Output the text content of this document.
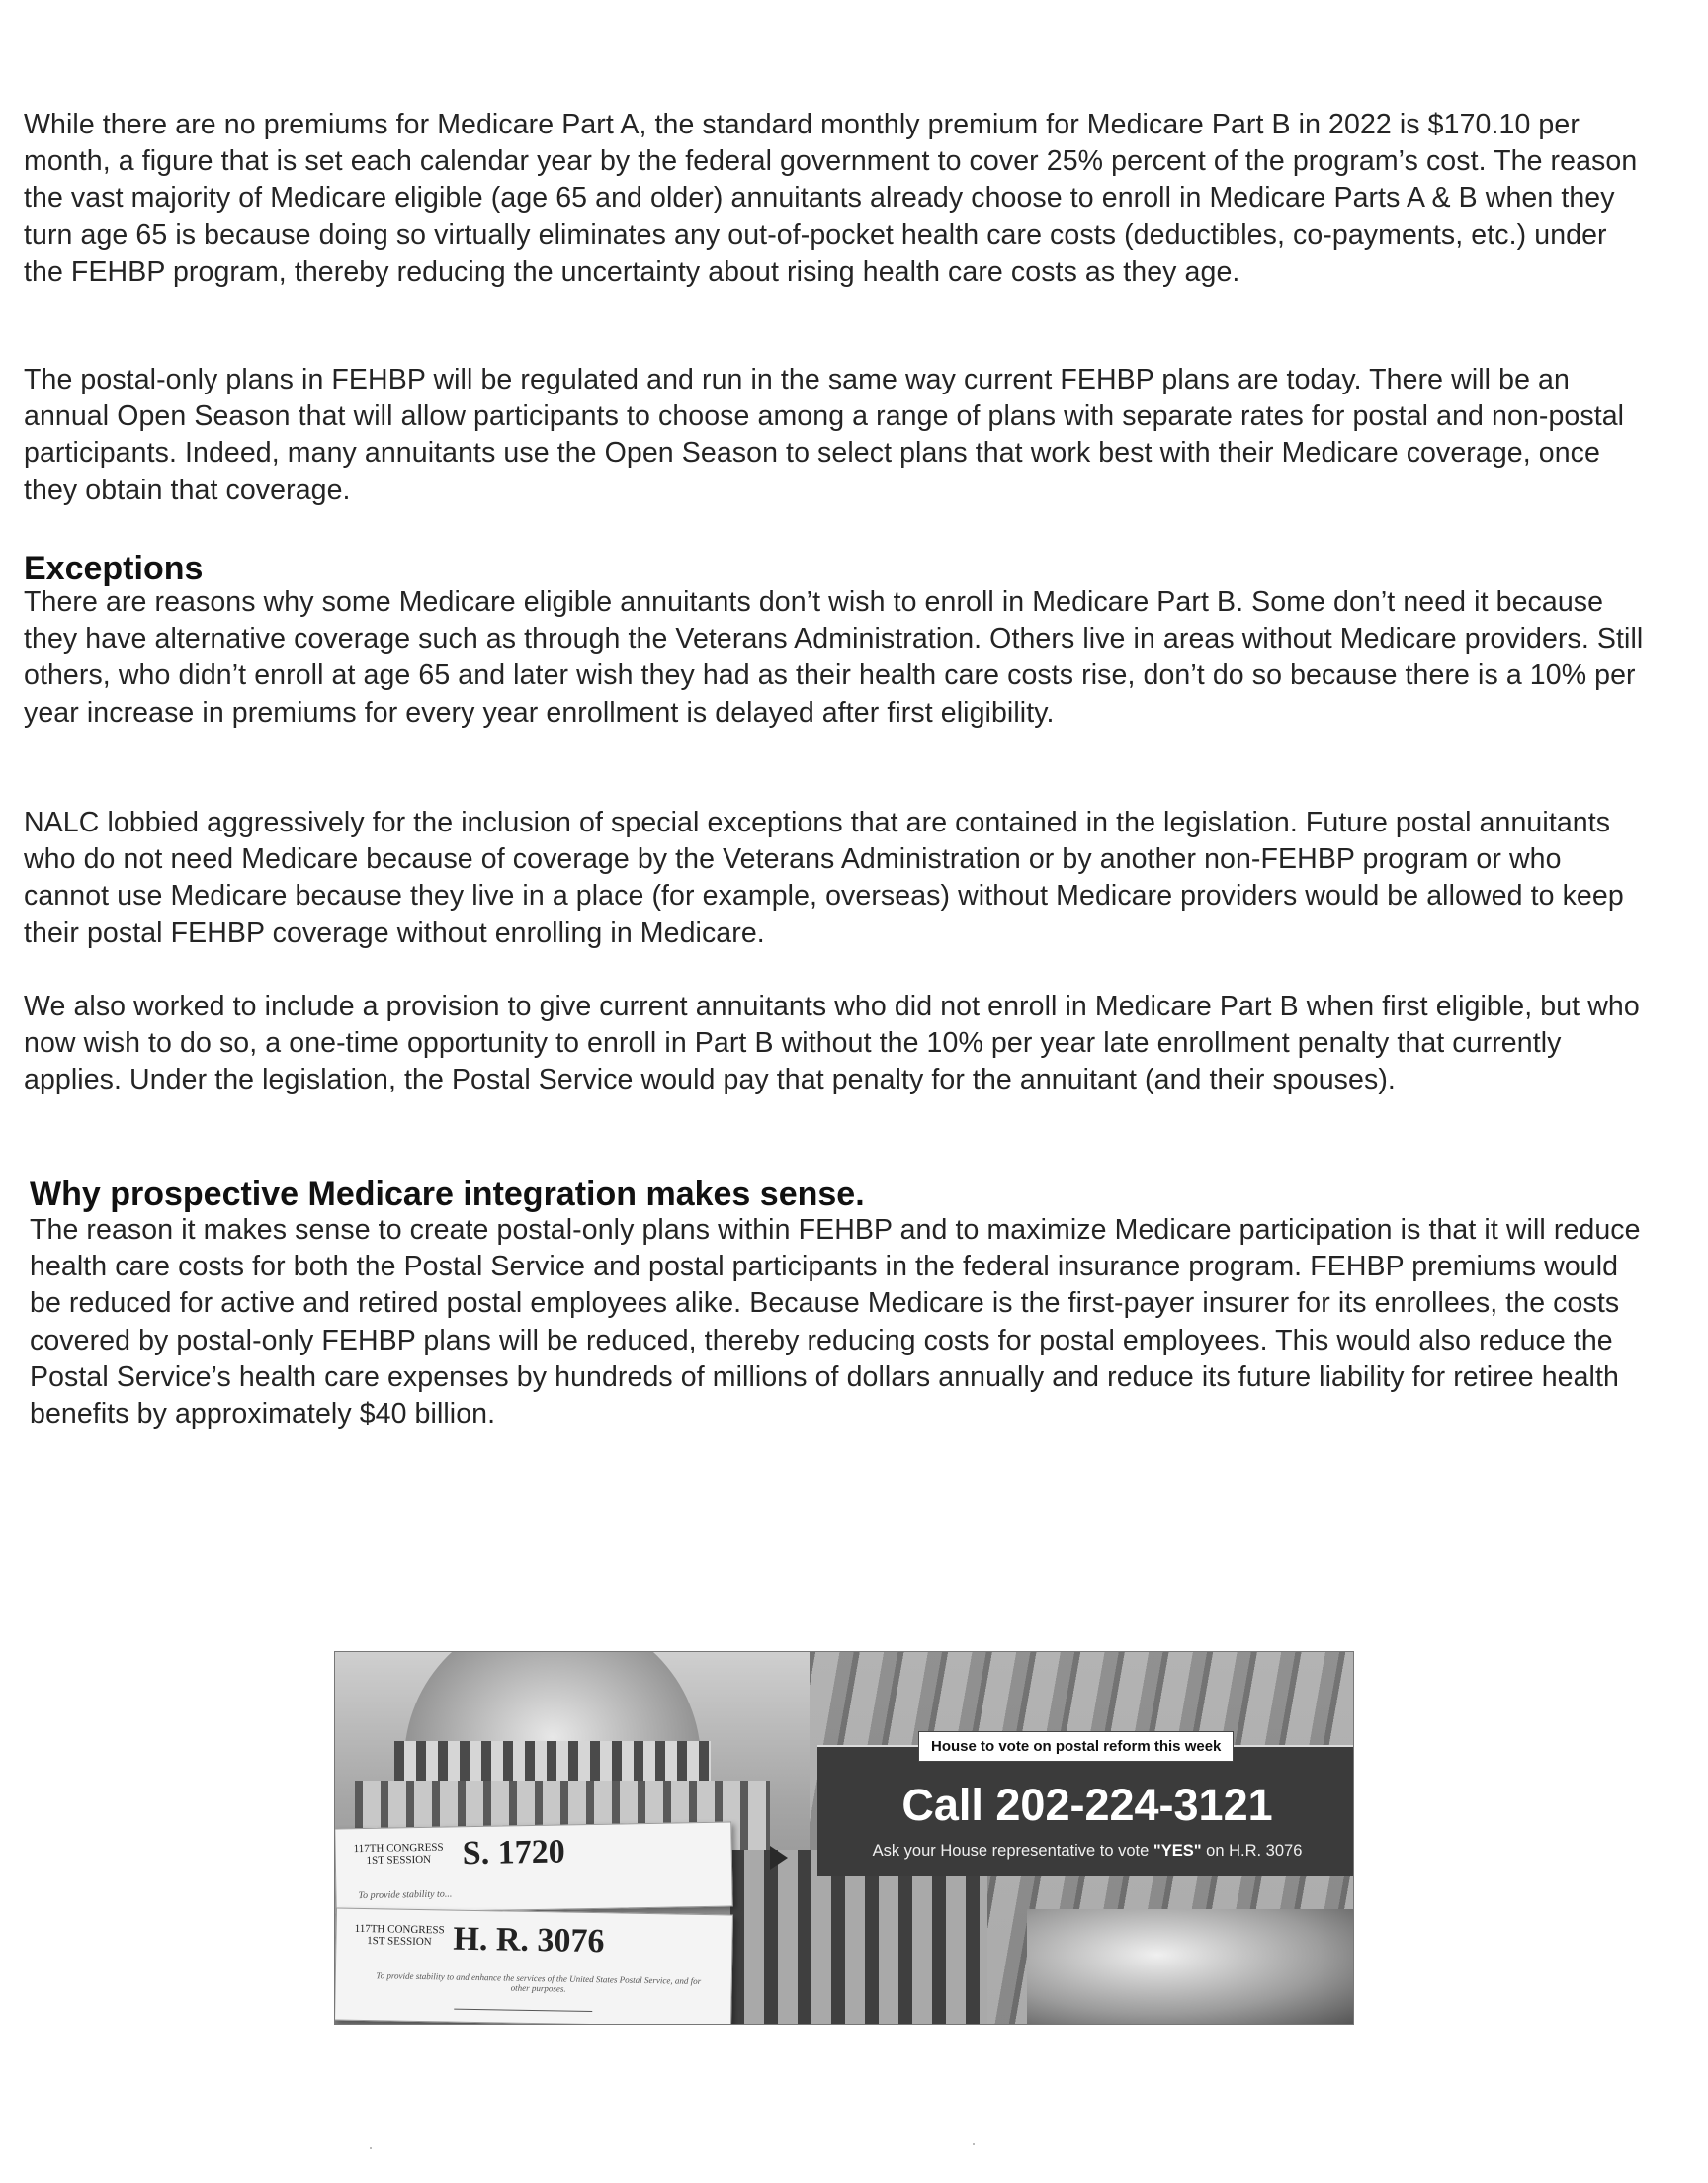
While there are no premiums for Medicare Part A, the standard monthly premium for Medicare Part B in 2022 is $170.10 per month, a figure that is set each calendar year by the federal government to cover 25% percent of the program’s cost. The reason the vast majority of Medicare eligible (age 65 and older) annuitants already choose to enroll in Medicare Parts A & B when they turn age 65 is because doing so virtually eliminates any out-of-pocket health care costs (deductibles, co-payments, etc.) under the FEHBP program, thereby reducing the uncertainty about rising health care costs as they age.

The postal-only plans in FEHBP will be regulated and run in the same way current FEHBP plans are today. There will be an annual Open Season that will allow participants to choose among a range of plans with separate rates for postal and non-postal participants. Indeed, many annuitants use the Open Season to select plans that work best with their Medicare coverage, once they obtain that coverage.

Exceptions

There are reasons why some Medicare eligible annuitants don’t wish to enroll in Medicare Part B. Some don’t need it because they have alternative coverage such as through the Veterans Administration. Others live in areas without Medicare providers. Still others, who didn’t enroll at age 65 and later wish they had as their health care costs rise, don’t do so because there is a 10% per year increase in premiums for every year enrollment is delayed after first eligibility.

NALC lobbied aggressively for the inclusion of special exceptions that are contained in the legislation. Future postal annuitants who do not need Medicare because of coverage by the Veterans Administration or by another non-FEHBP program or who cannot use Medicare because they live in a place (for example, overseas) without Medicare providers would be allowed to keep their postal FEHBP coverage without enrolling in Medicare.

We also worked to include a provision to give current annuitants who did not enroll in Medicare Part B when first eligible, but who now wish to do so, a one-time opportunity to enroll in Part B without the 10% per year late enrollment penalty that currently applies. Under the legislation, the Postal Service would pay that penalty for the annuitant (and their spouses).

Why prospective Medicare integration makes sense.

The reason it makes sense to create postal-only plans within FEHBP and to maximize Medicare participation is that it will reduce health care costs for both the Postal Service and postal participants in the federal insurance program. FEHBP premiums would be reduced for active and retired postal employees alike. Because Medicare is the first-payer insurer for its enrollees, the costs covered by postal-only FEHBP plans will be reduced, thereby reducing costs for postal employees. This would also reduce the Postal Service’s health care expenses by hundreds of millions of dollars annually and reduce its future liability for retiree health benefits by approximately $40 billion.

117TH CONGRESS
1ST SESSION S. 1720
To provide stability to...
117TH CONGRESS
1ST SESSION H. R. 3076
To provide stability to and enhance the services of the United States Postal Service, and for other purposes.
House to vote on postal reform this week
Call 202-224-3121
Ask your House representative to vote "YES" on H.R. 3076
